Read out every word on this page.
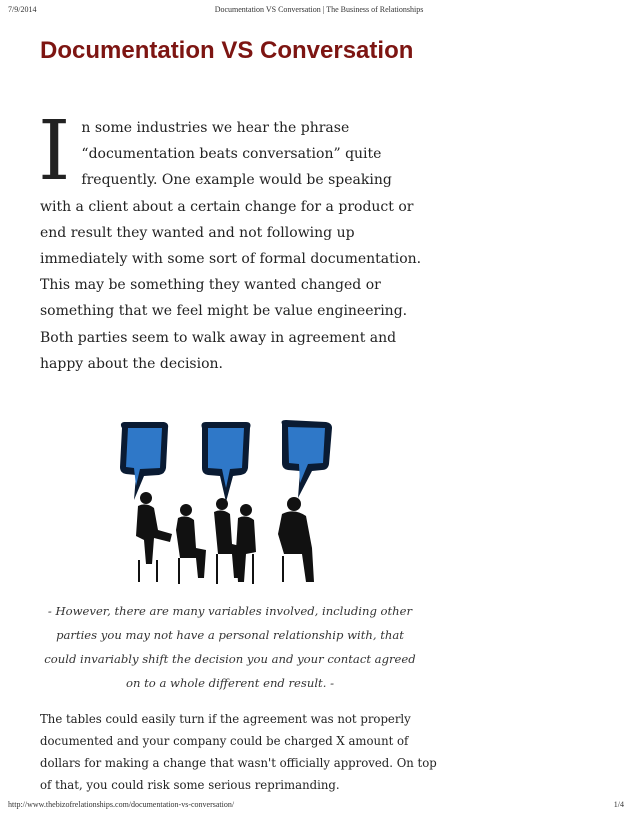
7/9/2014	Documentation VS Conversation | The Business of Relationships
Documentation VS Conversation

In some industries we hear the phrase “documentation beats conversation” quite frequently. One example would be speaking with a client about a certain change for a product or end result they wanted and not following up immediately with some sort of formal documentation. This may be something they wanted changed or something that we feel might be value engineering. Both parties seem to walk away in agreement and happy about the decision.

- However, there are many variables involved, including other parties you may not have a personal relationship with, that could invariably shift the decision you and your contact agreed on to a whole different end result. -

The tables could easily turn if the agreement was not properly documented and your company could be charged X amount of dollars for making a change that wasn't officially approved. On top of that, you could risk some serious reprimanding.

http://www.thebizofrelationships.com/documentation-vs-conversation/	1/4
